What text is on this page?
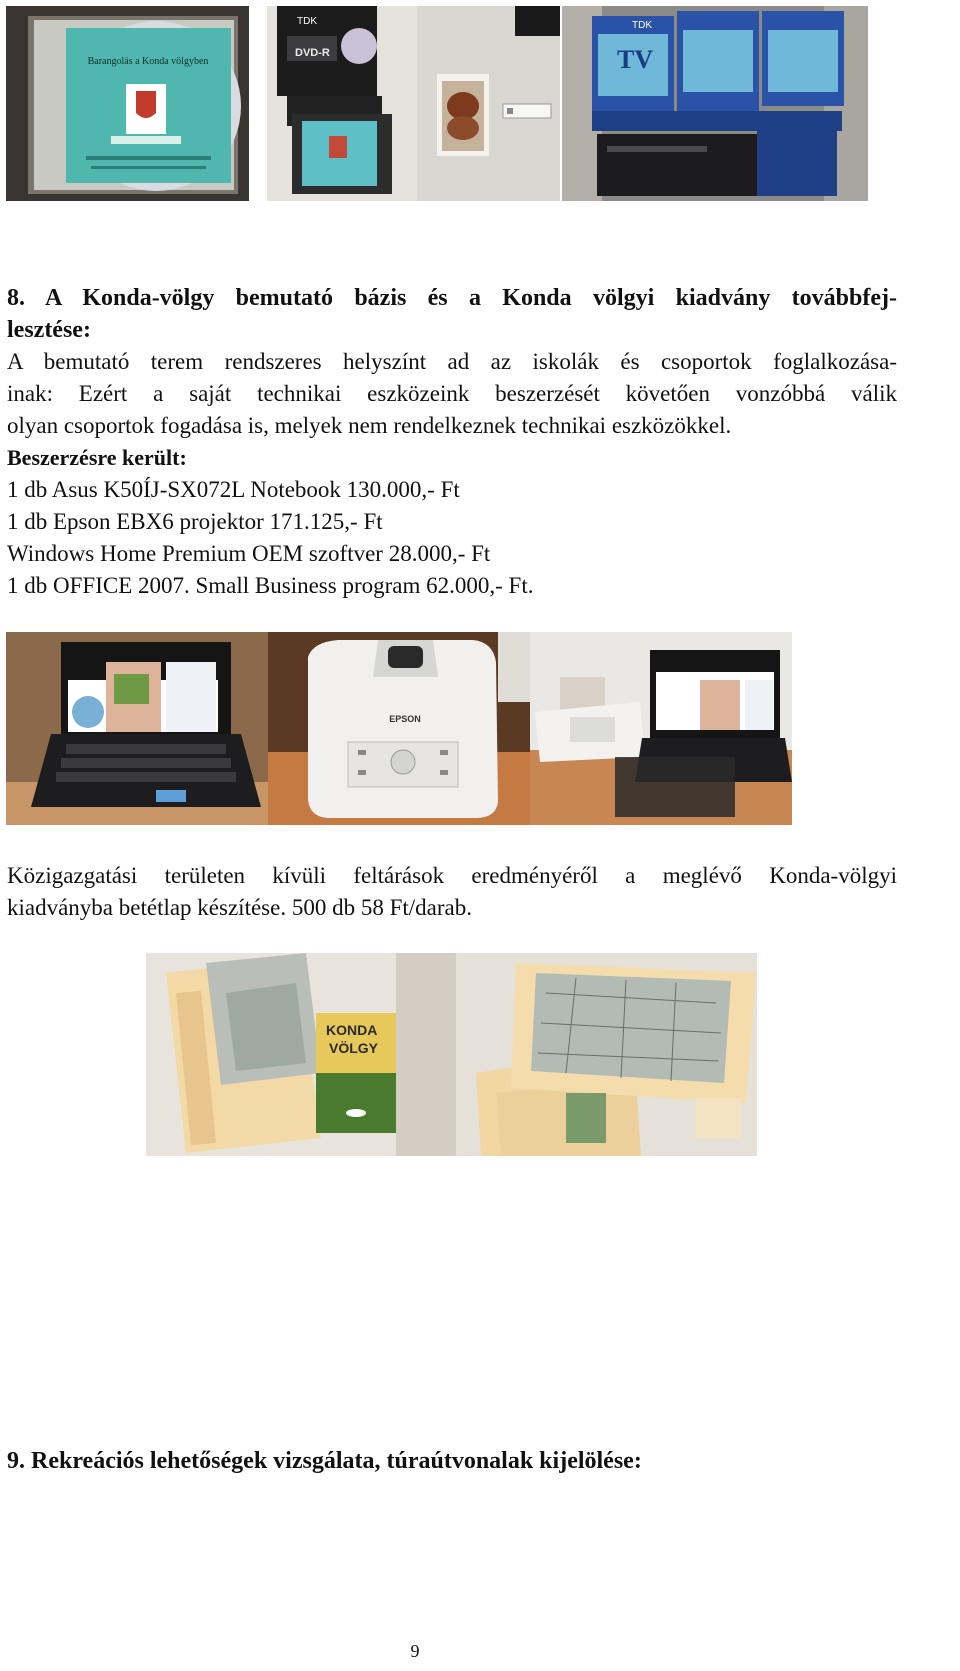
Barangolás a Konda völgyben
TDK
DVD-R	TV
TDK
8. A Konda-völgy bemutató bázis és a Konda völgyi kiadvány továbbfej-
lesztése:
A bemutató terem rendszeres helyszínt ad az iskolák és csoportok foglalkozása-
inak: Ezért a saját technikai eszközeink beszerzését követően vonzóbbá válik
olyan csoportok fogadása is, melyek nem rendelkeznek technikai eszközökkel.
Beszerzésre került:
1 db Asus K50ÍJ-SX072L Notebook 130.000,- Ft
1 db Epson EBX6 projektor 171.125,- Ft
Windows Home Premium OEM szoftver 28.000,- Ft
1 db OFFICE 2007. Small Business program 62.000,- Ft.
EPSON
Közigazgatási területen kívüli feltárások eredményéről a meglévő Konda-völgyi
kiadványba betétlap készítése. 500 db 58 Ft/darab.
KONDA
VÖLGY
9. Rekreációs lehetőségek vizsgálata, túraútvonalak kijelölése:
9
